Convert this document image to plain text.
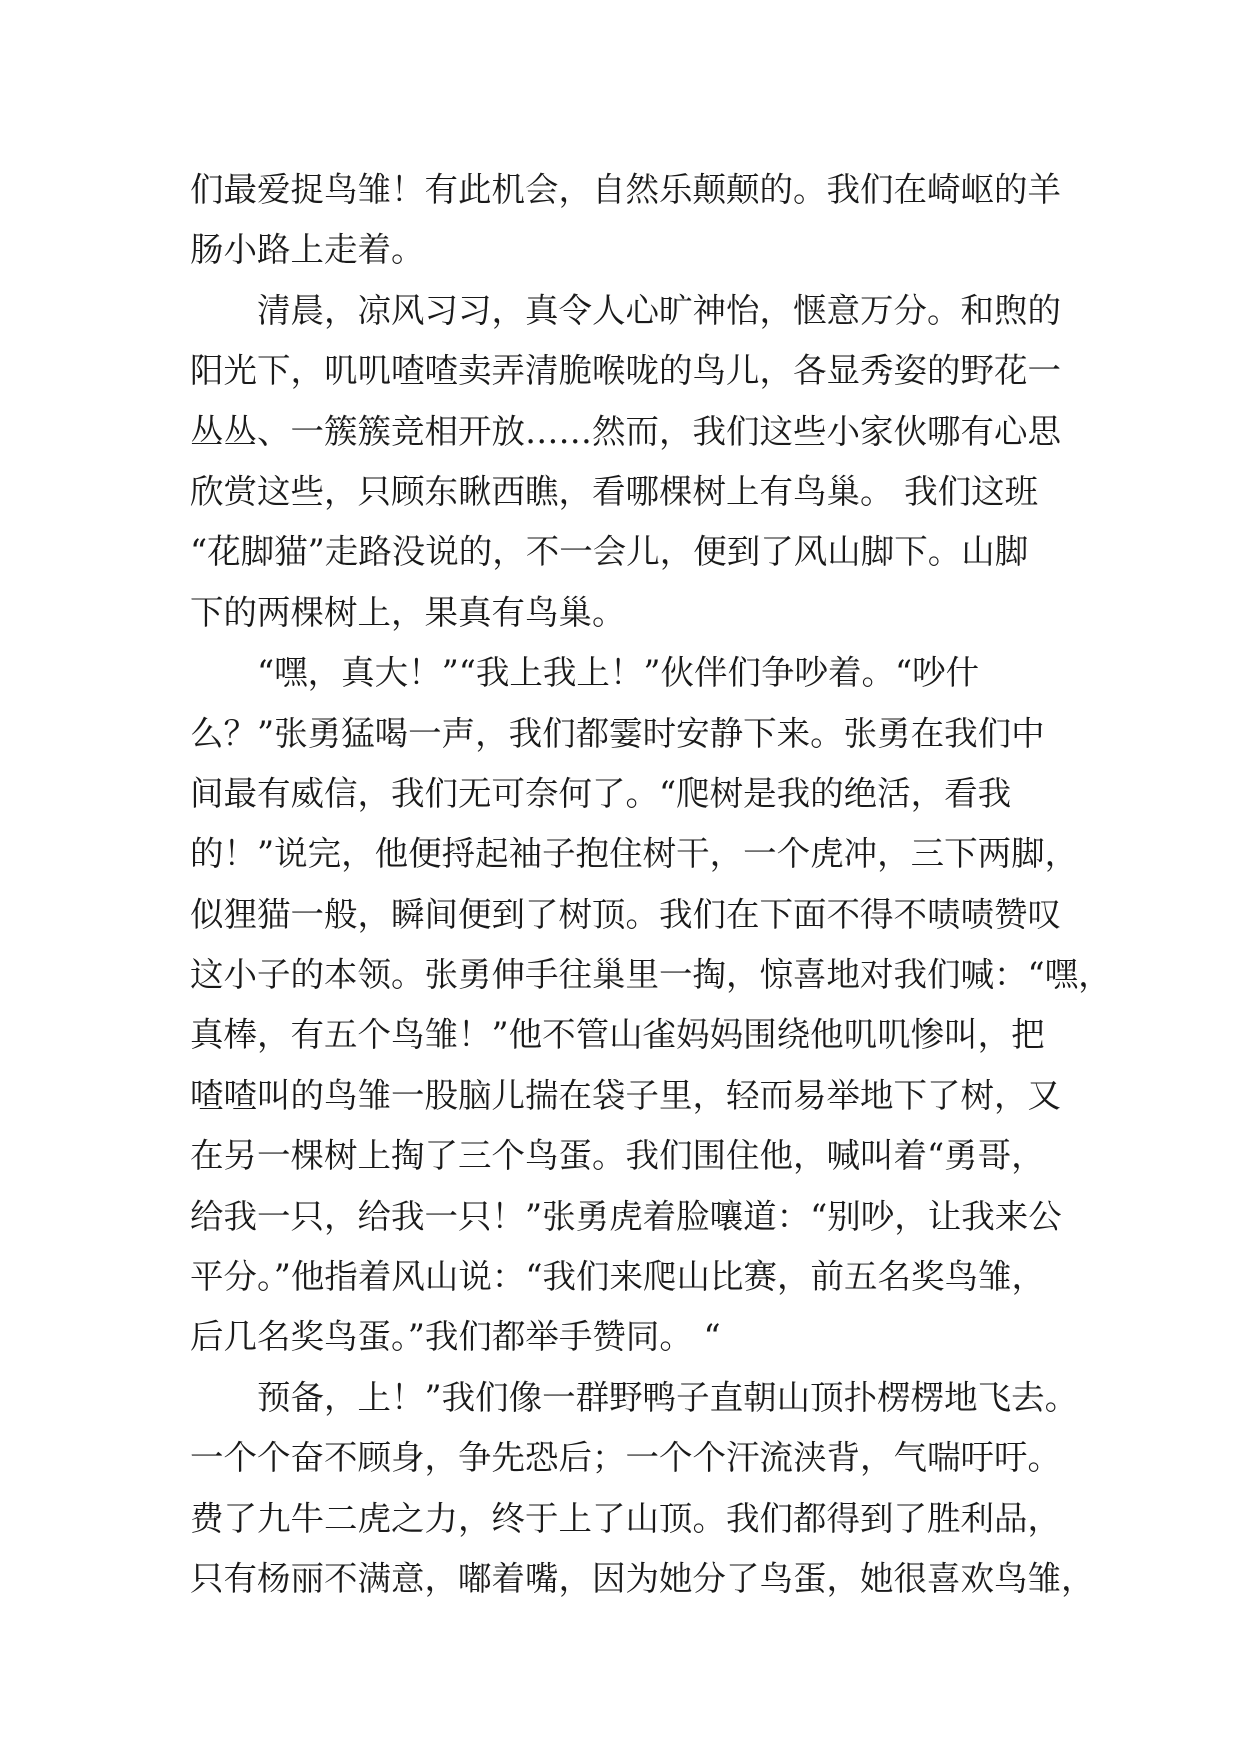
们最爱捉鸟雏！有此机会，自然乐颠颠的。我们在崎岖的羊
肠小路上走着。
　　清晨，凉风习习，真令人心旷神怡，惬意万分。和煦的
阳光下，叽叽喳喳卖弄清脆喉咙的鸟儿，各显秀姿的野花一
丛丛、一簇簇竞相开放……然而，我们这些小家伙哪有心思
欣赏这些，只顾东瞅西瞧，看哪棵树上有鸟巢。 我们这班
“花脚猫”走路没说的，不一会儿，便到了风山脚下。山脚
下的两棵树上，果真有鸟巢。
　　“嘿，真大！”“我上我上！”伙伴们争吵着。“吵什
么？”张勇猛喝一声，我们都霎时安静下来。张勇在我们中
间最有威信，我们无可奈何了。“爬树是我的绝活，看我
的！”说完，他便捋起袖子抱住树干，一个虎冲，三下两脚，
似狸猫一般，瞬间便到了树顶。我们在下面不得不啧啧赞叹
这小子的本领。张勇伸手往巢里一掏，惊喜地对我们喊：“嘿，
真棒，有五个鸟雏！”他不管山雀妈妈围绕他叽叽惨叫，把
喳喳叫的鸟雏一股脑儿揣在袋子里，轻而易举地下了树，又
在另一棵树上掏了三个鸟蛋。我们围住他，喊叫着“勇哥，
给我一只，给我一只！”张勇虎着脸嚷道：“别吵，让我来公
平分。”他指着风山说：“我们来爬山比赛，前五名奖鸟雏，
后几名奖鸟蛋。”我们都举手赞同。 “
　　预备，上！”我们像一群野鸭子直朝山顶扑楞楞地飞去。
一个个奋不顾身，争先恐后；一个个汗流浃背，气喘吁吁。
费了九牛二虎之力，终于上了山顶。我们都得到了胜利品，
只有杨丽不满意，嘟着嘴，因为她分了鸟蛋，她很喜欢鸟雏，
